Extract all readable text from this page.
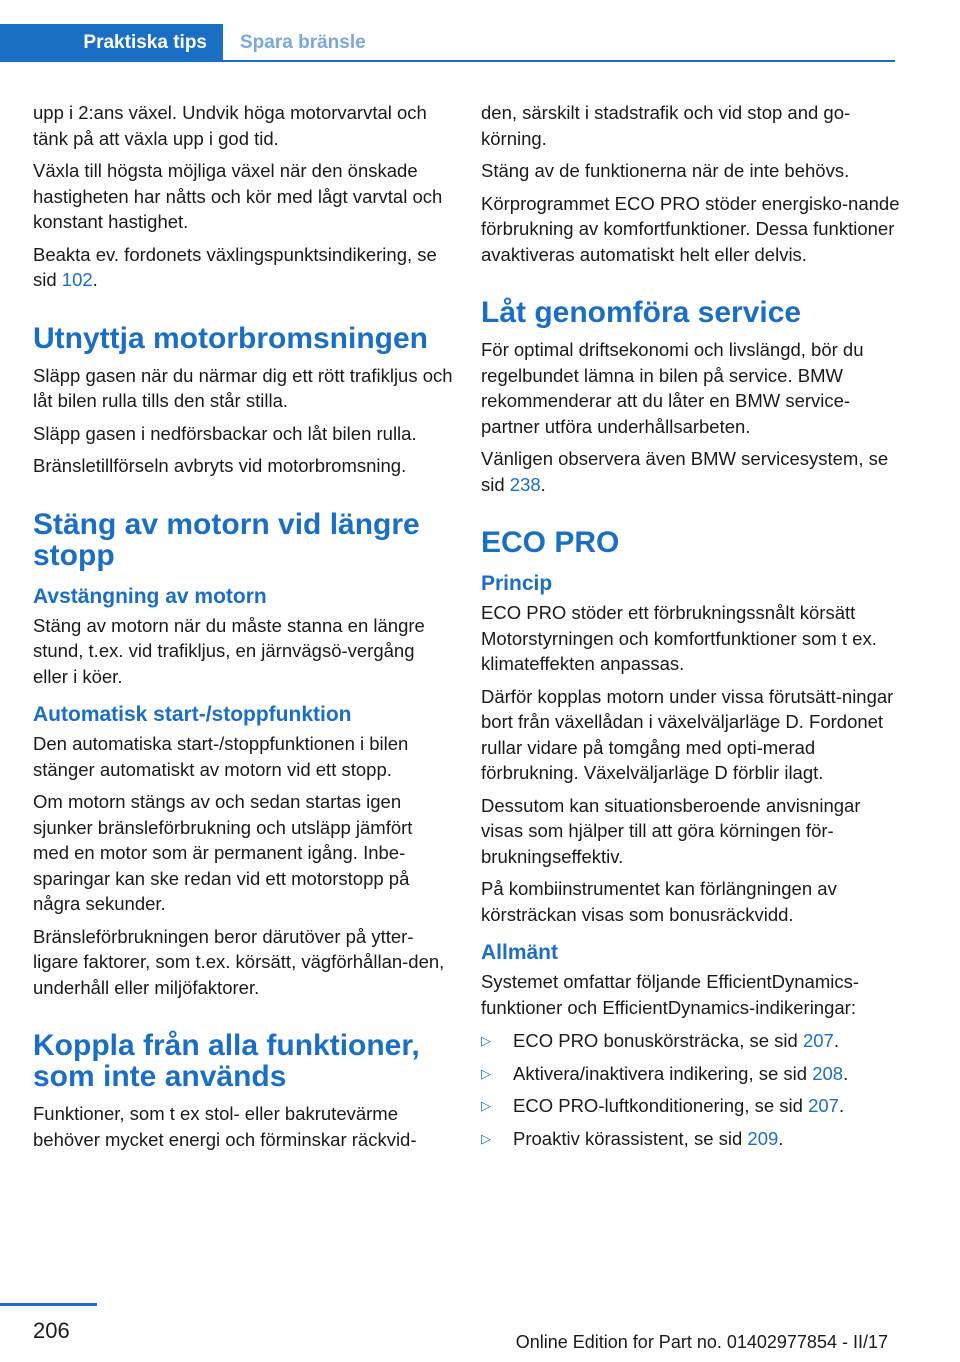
Praktiska tips	Spara bränsle

upp i 2:ans växel. Undvik höga motorvarvtal och tänk på att växla upp i god tid.

Växla till högsta möjliga växel när den önskade hastigheten har nåtts och kör med lågt varvtal och konstant hastighet.

Beakta ev. fordonets växlingspunktsindikering, se sid 102.

Utnyttja motorbromsningen

Släpp gasen när du närmar dig ett rött trafikljus och låt bilen rulla tills den står stilla.

Släpp gasen i nedförsbackar och låt bilen rulla.

Bränsletillförseln avbryts vid motorbromsning.

Stäng av motorn vid längre stopp
Avstängning av motorn

Stäng av motorn när du måste stanna en längre stund, t.ex. vid trafikljus, en järnvägsö-vergång eller i köer.

Automatisk start-/stoppfunktion

Den automatiska start-/stoppfunktionen i bilen stänger automatiskt av motorn vid ett stopp.

Om motorn stängs av och sedan startas igen sjunker bränsleförbrukning och utsläpp jämfört med en motor som är permanent igång. Inbe-sparingar kan ske redan vid ett motorstopp på några sekunder.

Bränsleförbrukningen beror därutöver på ytter-ligare faktorer, som t.ex. körsätt, vägförhållan-den, underhåll eller miljöfaktorer.

Koppla från alla funktioner, som inte används

Funktioner, som t ex stol- eller bakrutevärme behöver mycket energi och förminskar räckvid-

den, särskilt i stadstrafik och vid stop and go-körning.

Stäng av de funktionerna när de inte behövs.

Körprogrammet ECO PRO stöder energisko-nande förbrukning av komfortfunktioner. Dessa funktioner avaktiveras automatiskt helt eller delvis.

Låt genomföra service

För optimal driftsekonomi och livslängd, bör du regelbundet lämna in bilen på service. BMW rekommenderar att du låter en BMW service-partner utföra underhållsarbeten.

Vänligen observera även BMW servicesystem, se sid 238.

ECO PRO
Princip

ECO PRO stöder ett förbrukningssnålt körsätt Motorstyrningen och komfortfunktioner som t ex. klimateffekten anpassas.

Därför kopplas motorn under vissa förutsätt-ningar bort från växellådan i växelväljarläge D. Fordonet rullar vidare på tomgång med opti-merad förbrukning. Växelväljarläge D förblir ilagt.

Dessutom kan situationsberoende anvisningar visas som hjälper till att göra körningen för-brukningseffektiv.

På kombiinstrumentet kan förlängningen av körsträckan visas som bonusräckvidd.

Allmänt

Systemet omfattar följande EfficientDynamics-funktioner och EfficientDynamics-indikeringar:

▷	ECO PRO bonuskörsträcka, se sid 207.
▷	Aktivera/inaktivera indikering, se sid 208.
▷	ECO PRO-luftkonditionering, se sid 207.
▷	Proaktiv körassistent, se sid 209.
206	Online Edition for Part no. 01402977854 - II/17
